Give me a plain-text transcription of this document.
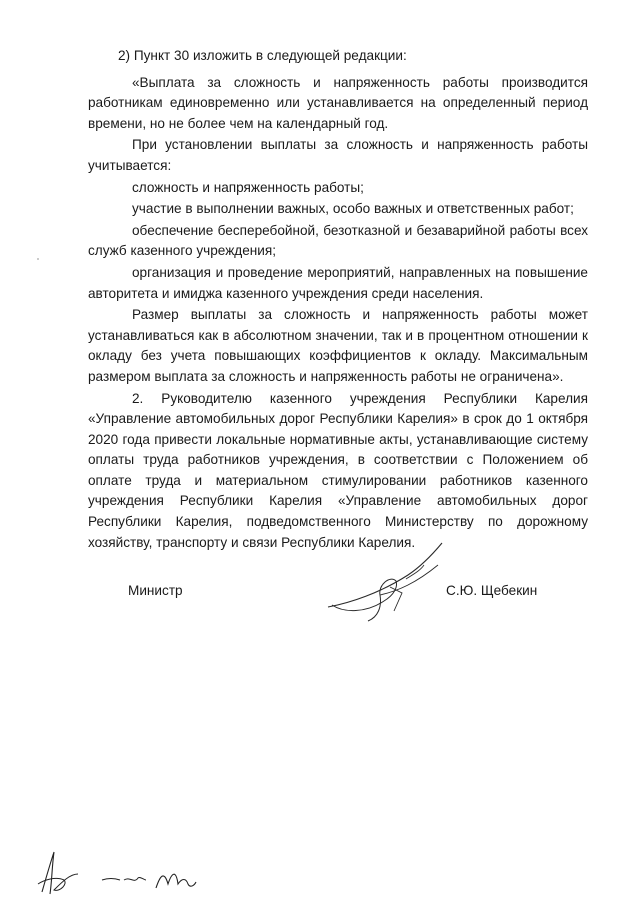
2) Пункт 30 изложить в следующей редакции:

«Выплата за сложность и напряженность работы производится работникам единовременно или устанавливается на определенный период времени, но не более чем на календарный год.

При установлении выплаты за сложность и напряженность работы учитывается:

сложность и напряженность работы;

участие в выполнении важных, особо важных и ответственных работ;

обеспечение бесперебойной, безотказной и безаварийной работы всех служб казенного учреждения;

организация и проведение мероприятий, направленных на повышение авторитета и имиджа казенного учреждения среди населения.

Размер выплаты за сложность и напряженность работы может устанавливаться как в абсолютном значении, так и в процентном отношении к окладу без учета повышающих коэффициентов к окладу. Максимальным размером выплата за сложность и напряженность работы не ограничена».

2. Руководителю казенного учреждения Республики Карелия «Управление автомобильных дорог Республики Карелия» в срок до 1 октября 2020 года привести локальные нормативные акты, устанавливающие систему оплаты труда работников учреждения, в соответствии с Положением об оплате труда и материальном стимулировании работников казенного учреждения Республики Карелия «Управление автомобильных дорог Республики Карелия, подведомственного Министерству по дорожному хозяйству, транспорту и связи Республики Карелия.

Министр	С.Ю. Щебекин
